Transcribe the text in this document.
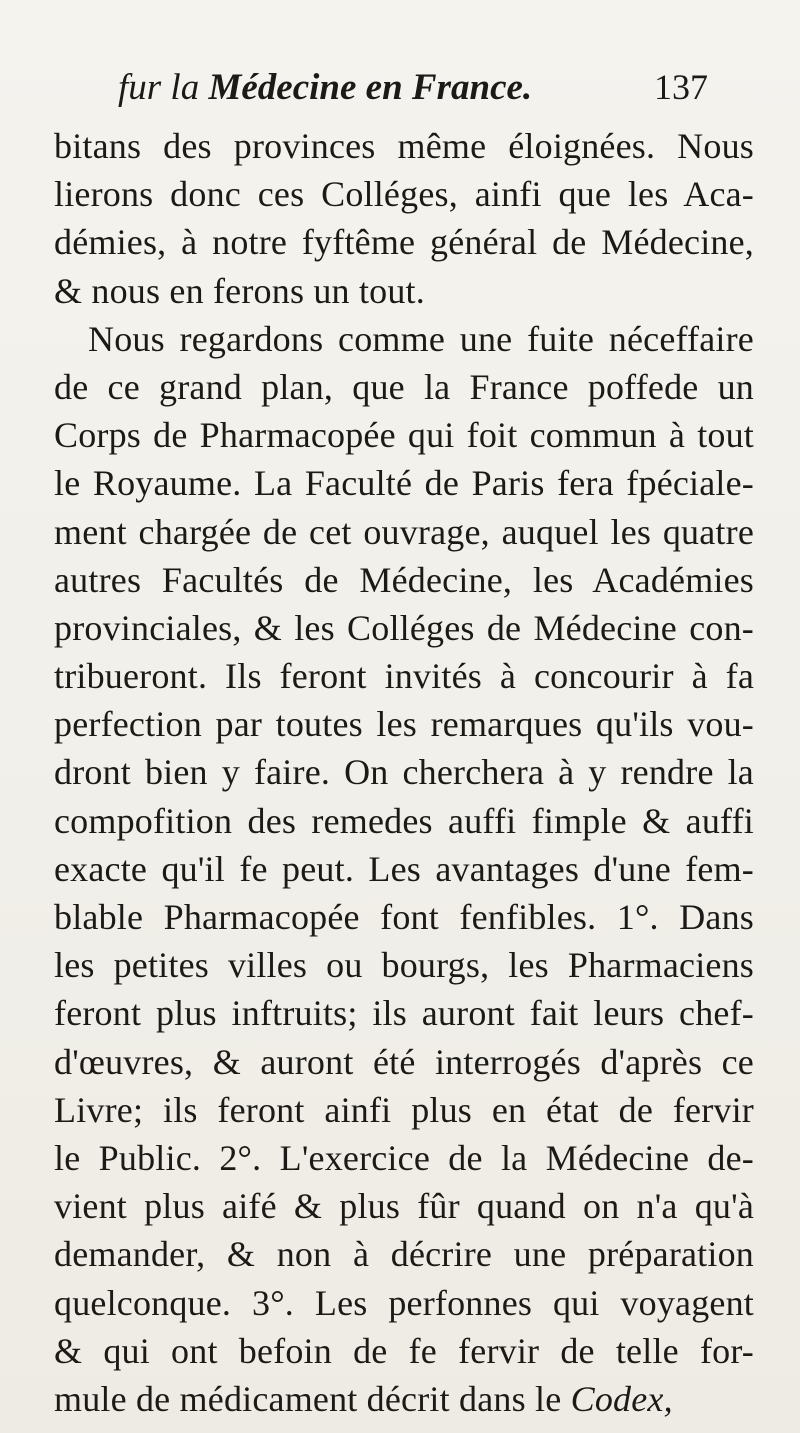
fur la Médecine en France.	137
bitans des provinces même éloignées. Nous
lierons donc ces Colléges, ainfi que les Aca-
démies, à notre fyftême général de Médecine,
& nous en ferons un tout.
Nous regardons comme une fuite néceffaire
de ce grand plan, que la France poffede un
Corps de Pharmacopée qui foit commun à tout
le Royaume. La Faculté de Paris fera fpéciale-
ment chargée de cet ouvrage, auquel les quatre
autres Facultés de Médecine, les Académies
provinciales, & les Colléges de Médecine con-
tribueront. Ils feront invités à concourir à fa
perfection par toutes les remarques qu'ils vou-
dront bien y faire. On cherchera à y rendre la
compofition des remedes auffi fimple & auffi
exacte qu'il fe peut. Les avantages d'une fem-
blable Pharmacopée font fenfibles. 1°. Dans
les petites villes ou bourgs, les Pharmaciens
feront plus inftruits; ils auront fait leurs chef-
d'œuvres, & auront été interrogés d'après ce
Livre; ils feront ainfi plus en état de fervir
le Public. 2°. L'exercice de la Médecine de-
vient plus aifé & plus fûr quand on n'a qu'à
demander, & non à décrire une préparation
quelconque. 3°. Les perfonnes qui voyagent
& qui ont befoin de fe fervir de telle for-
mule de médicament décrit dans le Codex,
